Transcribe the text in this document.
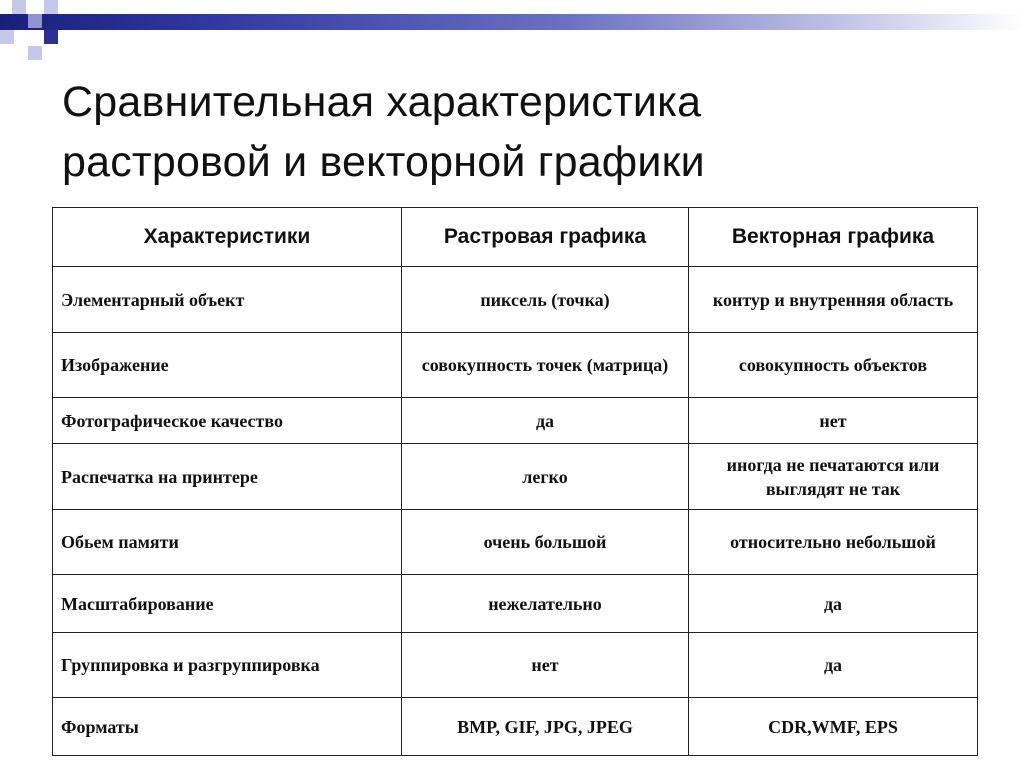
Сравнительная характеристика
растровой и векторной графики
Характеристики	Растровая графика	Векторная графика
Элементарный объект	пиксель (точка)	контур и внутренняя область
Изображение	совокупность точек (матрица)	совокупность объектов
Фотографическое качество	да	нет
Распечатка на принтере	легко	иногда не печатаются или выглядят не так
Обьем памяти	очень большой	относительно небольшой
Масштабирование	нежелательно	да
Группировка и разгруппировка	нет	да
Форматы	BMP, GIF, JPG, JPEG	CDR,WMF, EPS
